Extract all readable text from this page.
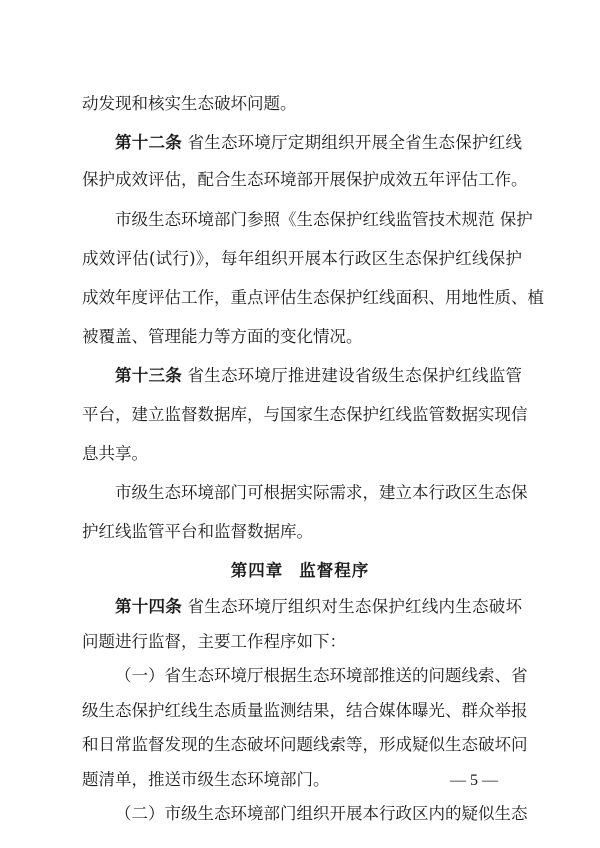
动发现和核实生态破坏问题。
第十二条 省生态环境厅定期组织开展全省生态保护红线
保护成效评估，配合生态环境部开展保护成效五年评估工作。
市级生态环境部门参照《生态保护红线监管技术规范 保护
成效评估(试行)》，每年组织开展本行政区生态保护红线保护
成效年度评估工作，重点评估生态保护红线面积、用地性质、植
被覆盖、管理能力等方面的变化情况。
第十三条 省生态环境厅推进建设省级生态保护红线监管
平台，建立监督数据库，与国家生态保护红线监管数据实现信
息共享。
市级生态环境部门可根据实际需求，建立本行政区生态保
护红线监管平台和监督数据库。
第四章 监督程序
第十四条 省生态环境厅组织对生态保护红线内生态破坏
问题进行监督，主要工作程序如下：
（一）省生态环境厅根据生态环境部推送的问题线索、省
级生态保护红线生态质量监测结果，结合媒体曝光、群众举报
— 5 —
和日常监督发现的生态破坏问题线索等，形成疑似生态破坏问
题清单，推送市级生态环境部门。
（二）市级生态环境部门组织开展本行政区内的疑似生态
